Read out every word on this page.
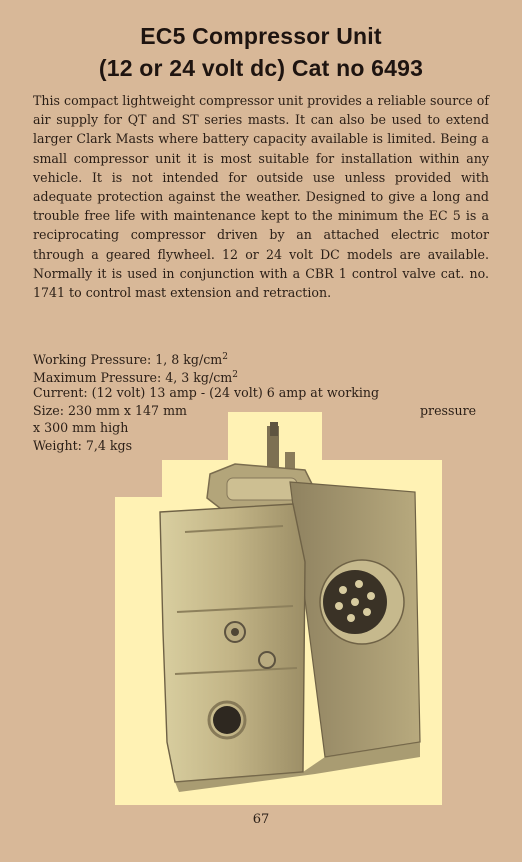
EC5 Compressor Unit
(12 or 24 volt dc) Cat no 6493

This compact lightweight compressor unit provides a reliable source of air supply for QT and ST series masts. It can also be used to extend larger Clark Masts where battery capacity available is limited. Being a small compressor unit it is most suitable for installation within any vehicle. It is not intended for outside use unless provided with adequate protection against the weather. Designed to give a long and trouble free life with maintenance kept to the minimum the EC 5 is a reciprocating compressor driven by an attached electric motor through a geared flywheel. 12 or 24 volt DC models are available. Normally it is used in conjunction with a CBR 1 control valve cat. no. 1741 to control mast extension and retraction.

Working Pressure: 1, 8 $kg/cm^2$
Maximum Pressure: 4, 3 $kg/cm^2$
Current: (12 volt) 13 amp - (24 volt) 6 amp at working
Size: 230 mm x 147 mm	pressure
x 300 mm high
Weight: 7,4 kgs
67
